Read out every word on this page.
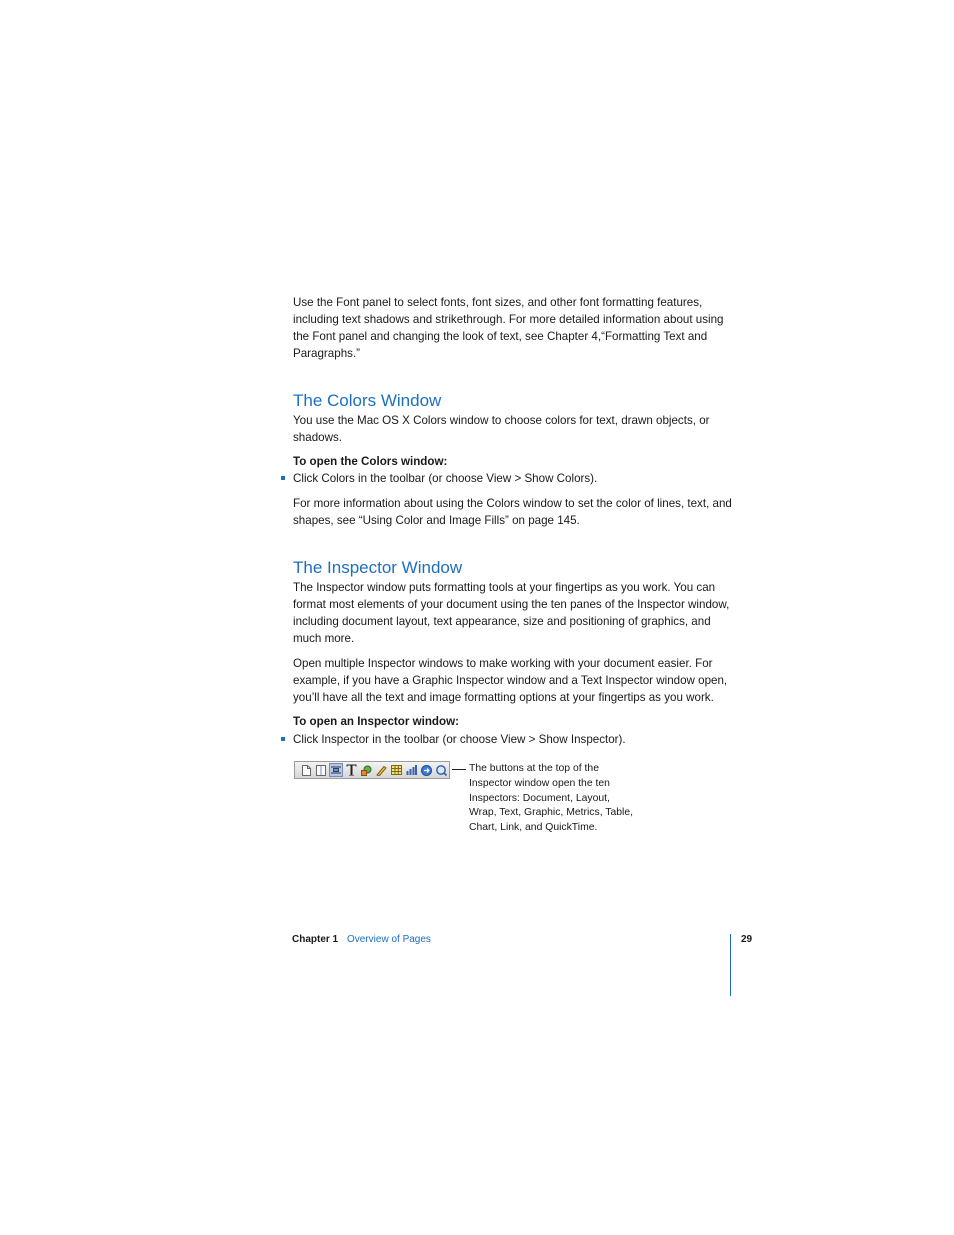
Use the Font panel to select fonts, font sizes, and other font formatting features, including text shadows and strikethrough. For more detailed information about using the Font panel and changing the look of text, see Chapter 4,“Formatting Text and Paragraphs.”

The Colors Window

You use the Mac OS X Colors window to choose colors for text, drawn objects, or shadows.

To open the Colors window:
Click Colors in the toolbar (or choose View > Show Colors).

For more information about using the Colors window to set the color of lines, text, and shapes, see “Using Color and Image Fills” on page 145.

The Inspector Window

The Inspector window puts formatting tools at your fingertips as you work. You can format most elements of your document using the ten panes of the Inspector window, including document layout, text appearance, size and positioning of graphics, and much more.

Open multiple Inspector windows to make working with your document easier. For example, if you have a Graphic Inspector window and a Text Inspector window open, you’ll have all the text and image formatting options at your fingertips as you work.

To open an Inspector window:
Click Inspector in the toolbar (or choose View > Show Inspector).
The buttons at the top of the Inspector window open the ten Inspectors: Document, Layout, Wrap, Text, Graphic, Metrics, Table, Chart, Link, and QuickTime.
Chapter 1 Overview of Pages	29
